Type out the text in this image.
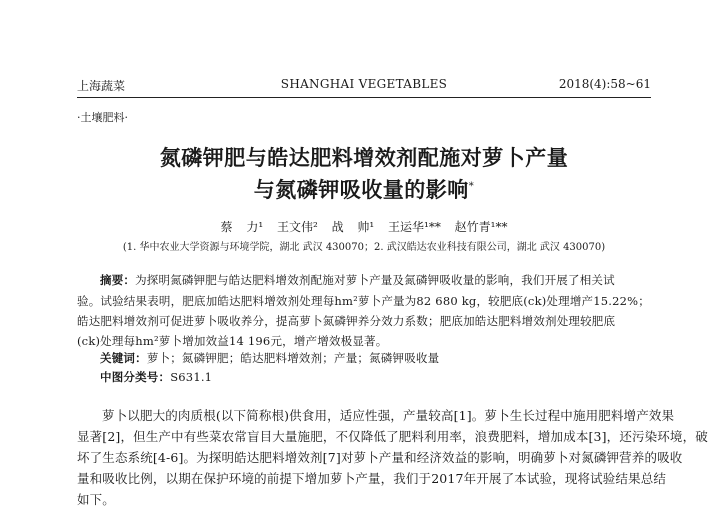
上海蔬菜	SHANGHAI VEGETABLES	2018(4):58~61
·土壤肥料·
氮磷钾肥与皓达肥料增效剂配施对萝卜产量
与氮磷钾吸收量的影响*
蔡 力¹ 王文伟² 战 帅¹ 王运华¹** 赵竹青¹**
(1. 华中农业大学资源与环境学院，湖北 武汉 430070；2. 武汉皓达农业科技有限公司，湖北 武汉 430070)
摘要：为探明氮磷钾肥与皓达肥料增效剂配施对萝卜产量及氮磷钾吸收量的影响，我们开展了相关试
验。试验结果表明，肥底加皓达肥料增效剂处理每hm²萝卜产量为82 680 kg，较肥底(ck)处理增产15.22%；
皓达肥料增效剂可促进萝卜吸收养分，提高萝卜氮磷钾养分效力系数；肥底加皓达肥料增效剂处理较肥底
(ck)处理每hm²萝卜增加效益14 196元，增产增效极显著。
关键词：萝卜；氮磷钾肥；皓达肥料增效剂；产量；氮磷钾吸收量
中图分类号：S631.1
萝卜以肥大的肉质根(以下简称根)供食用，适应性强，产量较高[1]。萝卜生长过程中施用肥料增产效果
显著[2]，但生产中有些菜农常盲目大量施肥，不仅降低了肥料利用率，浪费肥料，增加成本[3]，还污染环境，破
坏了生态系统[4-6]。为探明皓达肥料增效剂[7]对萝卜产量和经济效益的影响，明确萝卜对氮磷钾营养的吸收
量和吸收比例，以期在保护环境的前提下增加萝卜产量，我们于2017年开展了本试验，现将试验结果总结
如下。
